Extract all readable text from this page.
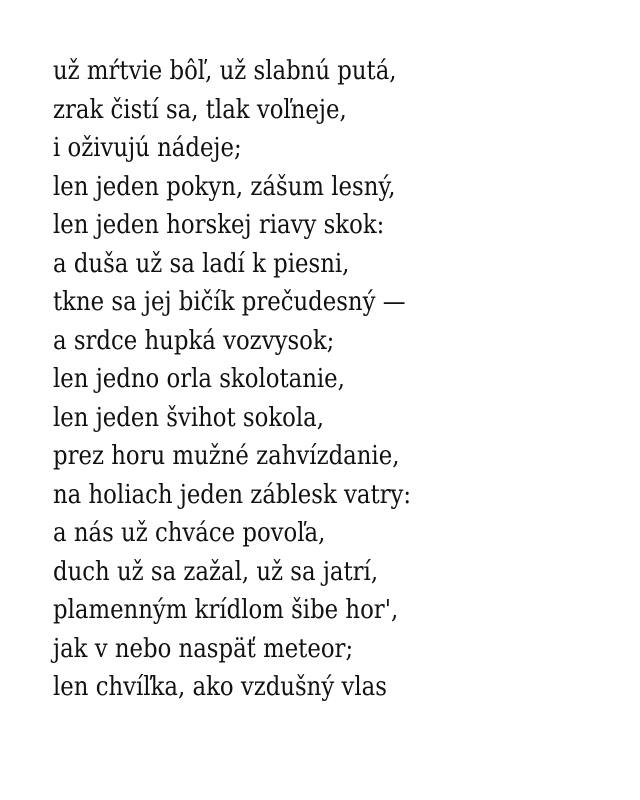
už mŕtvie bôľ, už slabnú putá,
zrak čistí sa, tlak voľneje,
i oživujú nádeje;
len jeden pokyn, zášum lesný,
len jeden horskej riavy skok:
a duša už sa ladí k piesni,
tkne sa jej bičík prečudesný —
a srdce hupká vozvysok;
len jedno orla skolotanie,
len jeden švihot sokola,
prez horu mužné zahvízdanie,
na holiach jeden záblesk vatry:
a nás už chváce povoľa,
duch už sa zažal, už sa jatrí,
plamenným krídlom šibe hor',
jak v nebo naspäť meteor;
len chvíľka, ako vzdušný vlas
